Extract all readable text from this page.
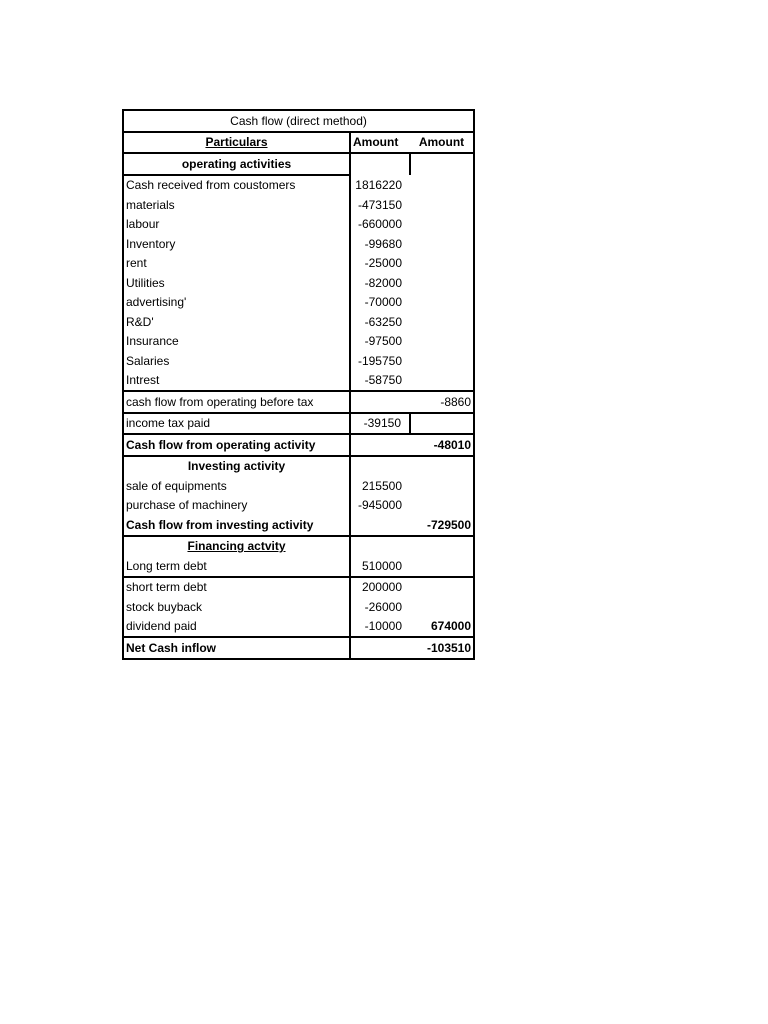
Cash flow (direct method)		
Particulars	Amount	Amount
operating activities		
Cash received from coustomers	1816220	
materials	-473150	
labour	-660000	
Inventory	-99680	
rent	-25000	
Utilities	-82000	
advertising'	-70000	
R&D'	-63250	
Insurance	-97500	
Salaries	-195750	
Intrest	-58750	
cash flow from operating before tax		-8860
income tax paid	-39150	
Cash flow from operating activity		-48010
Investing activity		
sale of equipments	215500	
purchase of machinery	-945000	
Cash flow from investing activity		-729500
Financing actvity		
Long term debt	510000	
short term debt	200000	
stock buyback	-26000	
dividend paid	-10000	674000
Net Cash inflow		-103510
